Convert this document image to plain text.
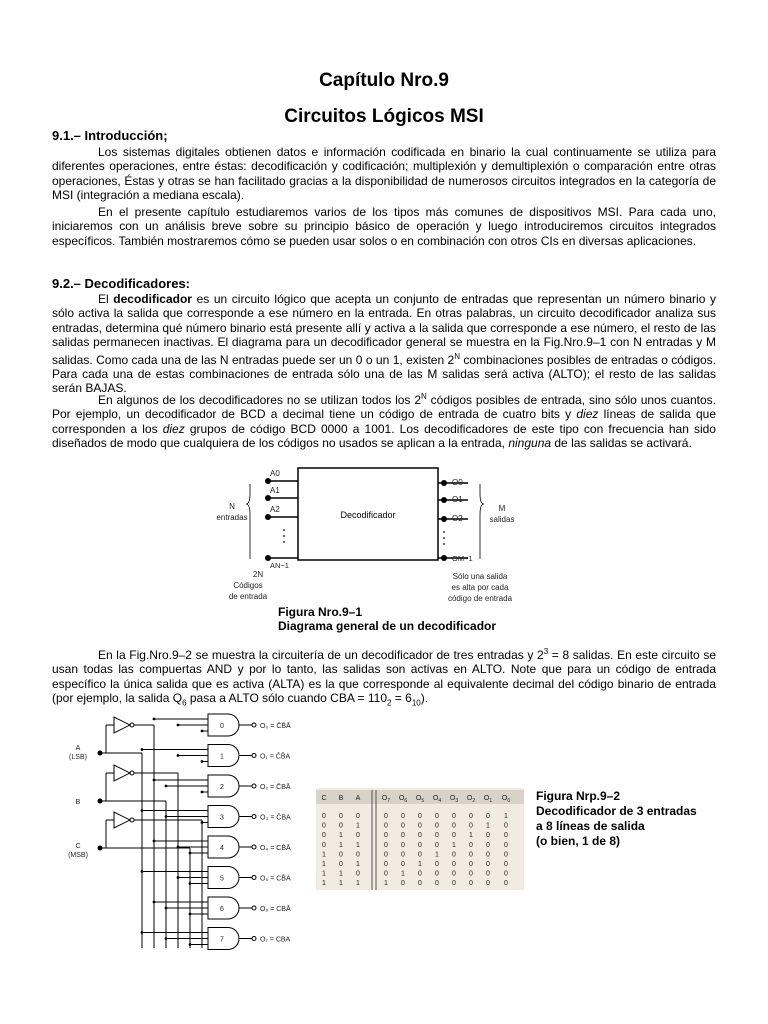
Capítulo Nro.9
Circuitos Lógicos MSI
9.1.– Introducción;
Los sistemas digitales obtienen datos e información codificada en binario la cual continuamente se utiliza para diferentes operaciones, entre éstas: decodificación y codificación; multiplexión y demultiplexión o comparación entre otras operaciones, Éstas y otras se han facilitado gracias a la disponibilidad de numerosos circuitos integrados en la categoría de MSI (integración a mediana escala).
En el presente capítulo estudiaremos varios de los tipos más comunes de dispositivos MSI. Para cada uno, iniciaremos con un análisis breve sobre su principio básico de operación y luego introduciremos circuitos integrados específicos. También mostraremos cómo se pueden usar solos o en combinación con otros CIs en diversas aplicaciones.
9.2.– Decodificadores:
El decodificador es un circuito lógico que acepta un conjunto de entradas que representan un número binario y sólo activa la salida que corresponde a ese número en la entrada. En otras palabras, un circuito decodificador analiza sus entradas, determina qué número binario está presente allí y activa a la salida que corresponde a ese número, el resto de las salidas permanecen inactivas. El diagrama para un decodificador general se muestra en la Fig.Nro.9–1 con N entradas y M salidas. Como cada una de las N entradas puede ser un 0 o un 1, existen $2^N$ combinaciones posibles de entradas o códigos. Para cada una de estas combinaciones de entrada sólo una de las M salidas será activa (ALTO); el resto de las salidas serán BAJAS.
En algunos de los decodificadores no se utilizan todos los $2^N$ códigos posibles de entrada, sino sólo unos cuantos. Por ejemplo, un decodificador de BCD a decimal tiene un código de entrada de cuatro bits y diez líneas de salida que corresponden a los diez grupos de código BCD 0000 a 1001. Los decodificadores de este tipo con frecuencia han sido diseñados de modo que cualquiera de los códigos no usados se aplican a la entrada, ninguna de las salidas se activará.
Decodificador
A0
A1
A2
AN−1
O0
O1
O2
OM−1
N
entradas
M
salidas
2N
Códigos
de entrada
Sólo una salida
es alta por cada
código de entrada
Figura Nro.9–1
Diagrama general de un decodificador
En la Fig.Nro.9–2 se muestra la circuitería de un decodificador de tres entradas y $2^3 = 8$ salidas. En este circuito se usan todas las compuertas AND y por lo tanto, las salidas son activas en ALTO. Note que para un código de entrada específico la única salida que es activa (ALTA) es la que corresponde al equivalente decimal del código binario de entrada (por ejemplo, la salida $Q_6$ pasa a ALTO sólo cuando CBA = $110_2 = 6_{10}$).
A
(LSB)
B
C
(MSB)
0	O₀ = C̄B̄Ā
1	O₁ = C̄B̄A
2	O₂ = C̄BĀ
3	O₃ = C̄BA
4	O₄ = CB̄Ā
5	O₅ = CB̄A
6	O₆ = CBĀ
7	O₇ = CBA
C B A	$O_7$ $O_6$ $O_5$ $O_4$ $O_3$ $O_2$ $O_1$ $O_0$
0 0 0	0 0 0 0 0 0 0 1
0 0 1	0 0 0 0 0 0 1 0
0 1 0	0 0 0 0 0 1 0 0
0 1 1	0 0 0 0 1 0 0 0
1 0 0	0 0 0 1 0 0 0 0
1 0 1	0 0 1 0 0 0 0 0
1 1 0	0 1 0 0 0 0 0 0
1 1 1	1 0 0 0 0 0 0 0
Figura Nrp.9–2
Decodificador de 3 entradas
a 8 líneas de salida
(o bien, 1 de 8)
